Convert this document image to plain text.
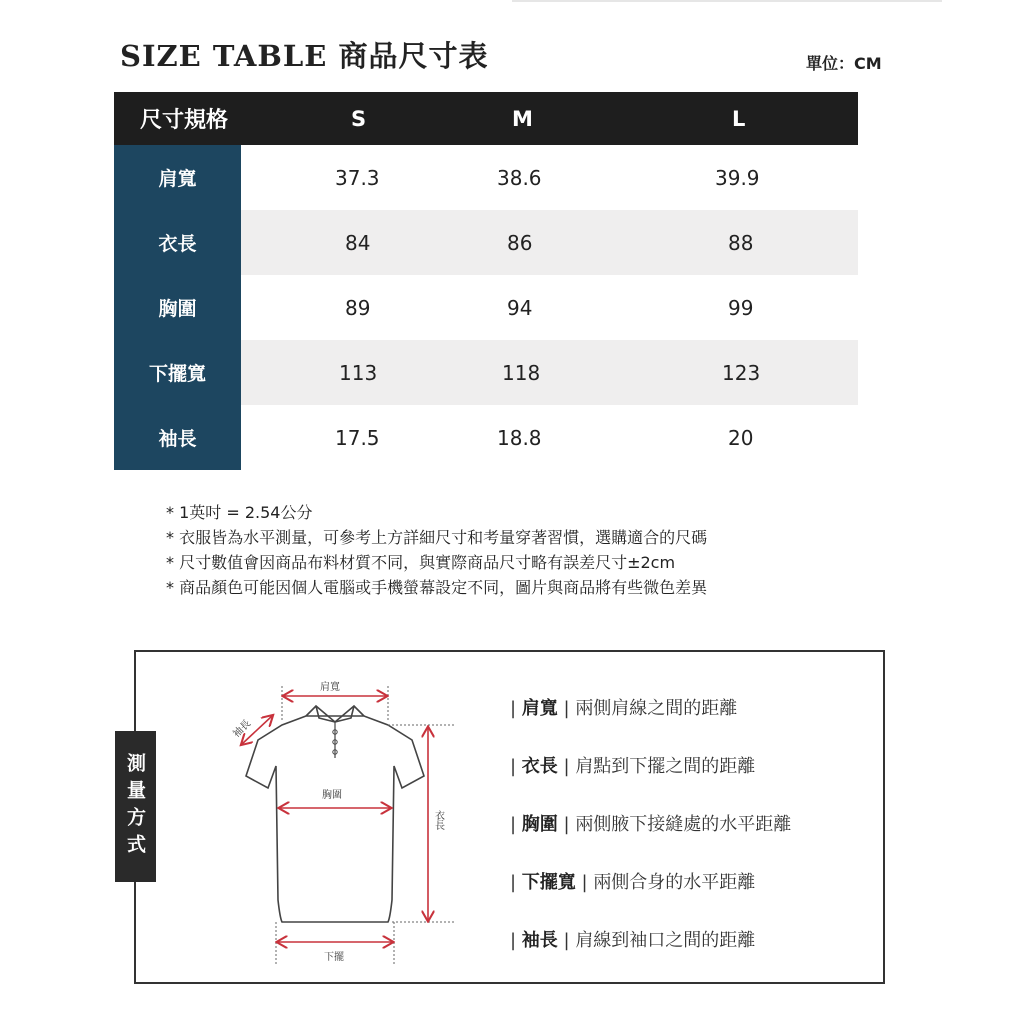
SIZE TABLE 商品尺寸表	單位：CM
尺寸規格	S	M	L
肩寬	37.3	38.6	39.9
衣長	84	86	88
胸圍	89	94	99
下擺寬	113	118	123
袖長	17.5	18.8	20
* 1英吋 = 2.54公分
* 衣服皆為水平測量，可參考上方詳細尺寸和考量穿著習慣，選購適合的尺碼
* 尺寸數值會因商品布料材質不同，與實際商品尺寸略有誤差尺寸±2cm
* 商品顏色可能因個人電腦或手機螢幕設定不同，圖片與商品將有些微色差異
測量方式
肩寬
袖長
胸圍
衣長
下擺
| 肩寬 | 兩側肩線之間的距離
| 衣長 | 肩點到下擺之間的距離
| 胸圍 | 兩側腋下接縫處的水平距離
| 下擺寬 | 兩側合身的水平距離
| 袖長 | 肩線到袖口之間的距離
